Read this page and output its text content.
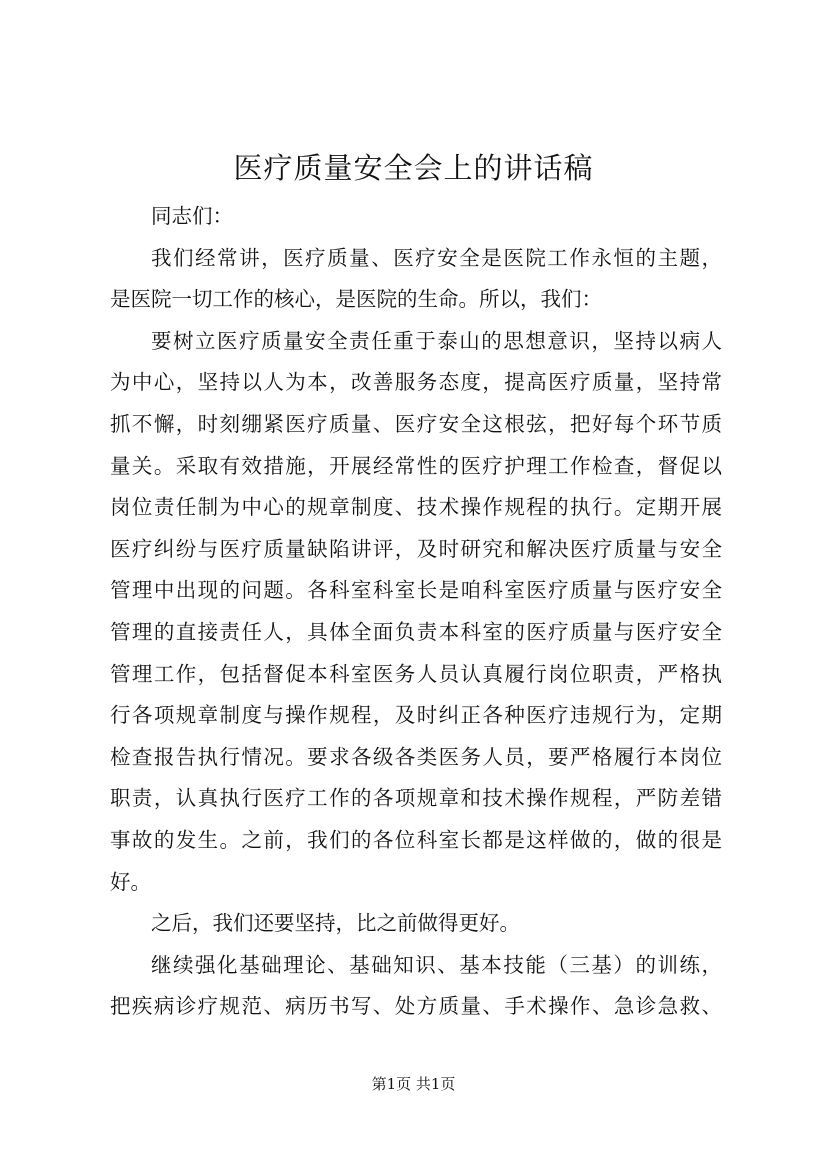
医疗质量安全会上的讲话稿
同志们：
我们经常讲，医疗质量、医疗安全是医院工作永恒的主题，
是医院一切工作的核心，是医院的生命。所以，我们：
要树立医疗质量安全责任重于泰山的思想意识，坚持以病人
为中心，坚持以人为本，改善服务态度，提高医疗质量，坚持常
抓不懈，时刻绷紧医疗质量、医疗安全这根弦，把好每个环节质
量关。采取有效措施，开展经常性的医疗护理工作检查，督促以
岗位责任制为中心的规章制度、技术操作规程的执行。定期开展
医疗纠纷与医疗质量缺陷讲评，及时研究和解决医疗质量与安全
管理中出现的问题。各科室科室长是咱科室医疗质量与医疗安全
管理的直接责任人，具体全面负责本科室的医疗质量与医疗安全
管理工作，包括督促本科室医务人员认真履行岗位职责，严格执
行各项规章制度与操作规程，及时纠正各种医疗违规行为，定期
检查报告执行情况。要求各级各类医务人员，要严格履行本岗位
职责，认真执行医疗工作的各项规章和技术操作规程，严防差错
事故的发生。之前，我们的各位科室长都是这样做的，做的很是
好。
之后，我们还要坚持，比之前做得更好。
继续强化基础理论、基础知识、基本技能（三基）的训练，
把疾病诊疗规范、病历书写、处方质量、手术操作、急诊急救、
第1页 共1页
